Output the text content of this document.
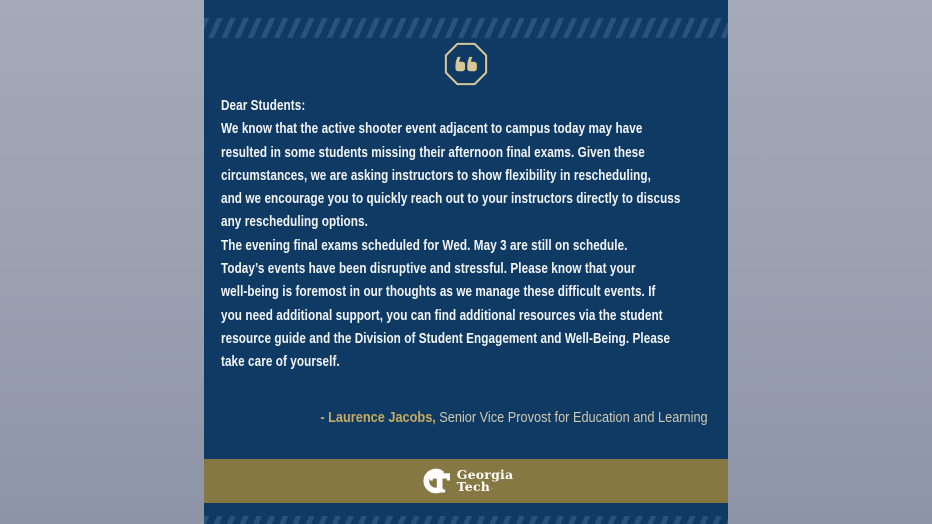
Dear Students:
We know that the active shooter event adjacent to campus today may have
resulted in some students missing their afternoon final exams. Given these
circumstances, we are asking instructors to show flexibility in rescheduling,
and we encourage you to quickly reach out to your instructors directly to discuss
any rescheduling options.
The evening final exams scheduled for Wed. May 3 are still on schedule.
Today’s events have been disruptive and stressful. Please know that your
well-being is foremost in our thoughts as we manage these difficult events. If
you need additional support, you can find additional resources via the student
resource guide and the Division of Student Engagement and Well-Being. Please
take care of yourself.
- Laurence Jacobs, Senior Vice Provost for Education and Learning
Georgia
Tech .
